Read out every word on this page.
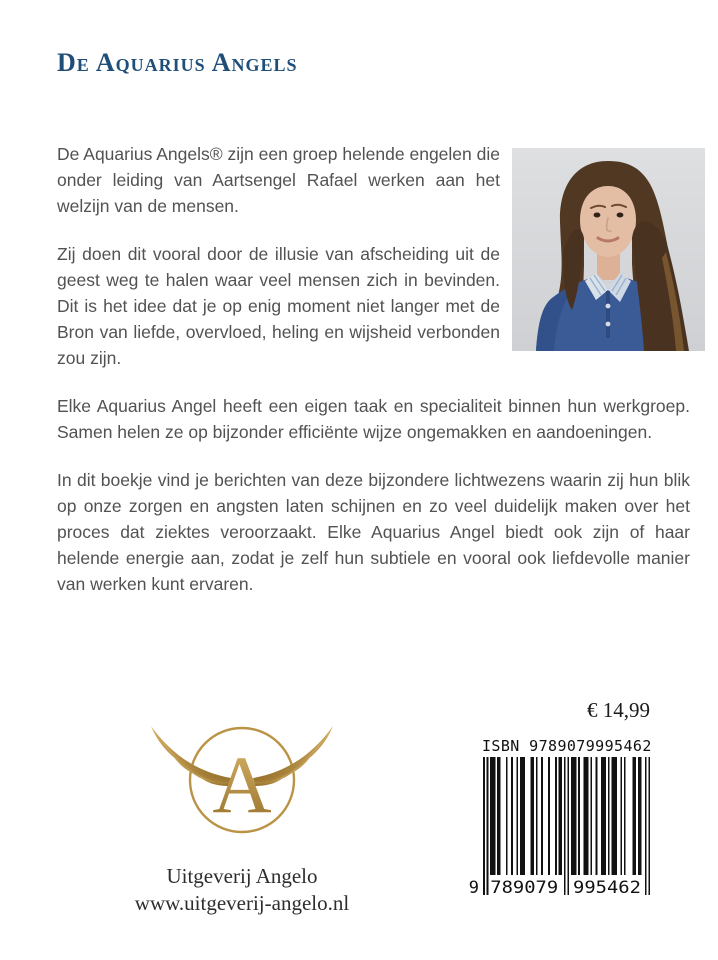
De Aquarius Angels

De Aquarius Angels® zijn een groep helende engelen die onder leiding van Aartsengel Rafael werken aan het welzijn van de mensen.

Zij doen dit vooral door de illusie van afscheiding uit de geest weg te halen waar veel mensen zich in bevinden. Dit is het idee dat je op enig moment niet langer met de Bron van liefde, overvloed, heling en wijsheid verbonden zou zijn.

Elke Aquarius Angel heeft een eigen taak en specialiteit binnen hun werkgroep. Samen helen ze op bijzonder efficiënte wijze ongemakken en aandoeningen.

In dit boekje vind je berichten van deze bijzondere lichtwezens waarin zij hun blik op onze zorgen en angsten laten schijnen en zo veel duidelijk maken over het proces dat ziektes veroorzaakt. Elke Aquarius Angel biedt ook zijn of haar helende energie aan, zodat je zelf hun subtiele en vooral ook liefdevolle manier van werken kunt ervaren.

€ 14,99
ISBN 9789079995462
9 789079 995462
A
Uitgeverij Angelo
www.uitgeverij-angelo.nl
